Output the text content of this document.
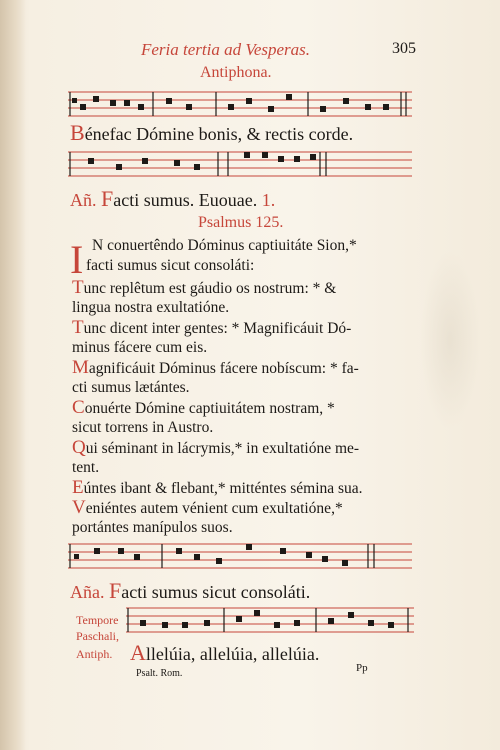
Feria tertia ad Vesperas.	305
Antiphona.
Bénefac Dómine bonis, & rectis corde.
Añ. Facti sumus. Euouae. 1.
Psalmus 125.
I N conuertêndo Dóminus captiuitáte Sion,*
facti sumus sicut consoláti:
Tunc replêtum est gáudio os nostrum: * &
lingua nostra exultatióne.
Tunc dicent inter gentes: * Magnificáuit Dó-
minus fácere cum eis.
Magnificáuit Dóminus fácere nobíscum: * fa-
cti sumus lætántes.
Conuérte Dómine captiuitátem nostram, *
sicut torrens in Austro.
Qui séminant in lácrymis,* in exultatióne me-
tent.
Eúntes ibant & flebant,* mitténtes sémina sua.
Veniéntes autem vénient cum exultatióne,*
portántes manípulos suos.
Aña. Facti sumus sicut consoláti.
Tempore
Paschali,
Antiph. Allelúia, allelúia, allelúia.
Psalt. Rom.	Pp
